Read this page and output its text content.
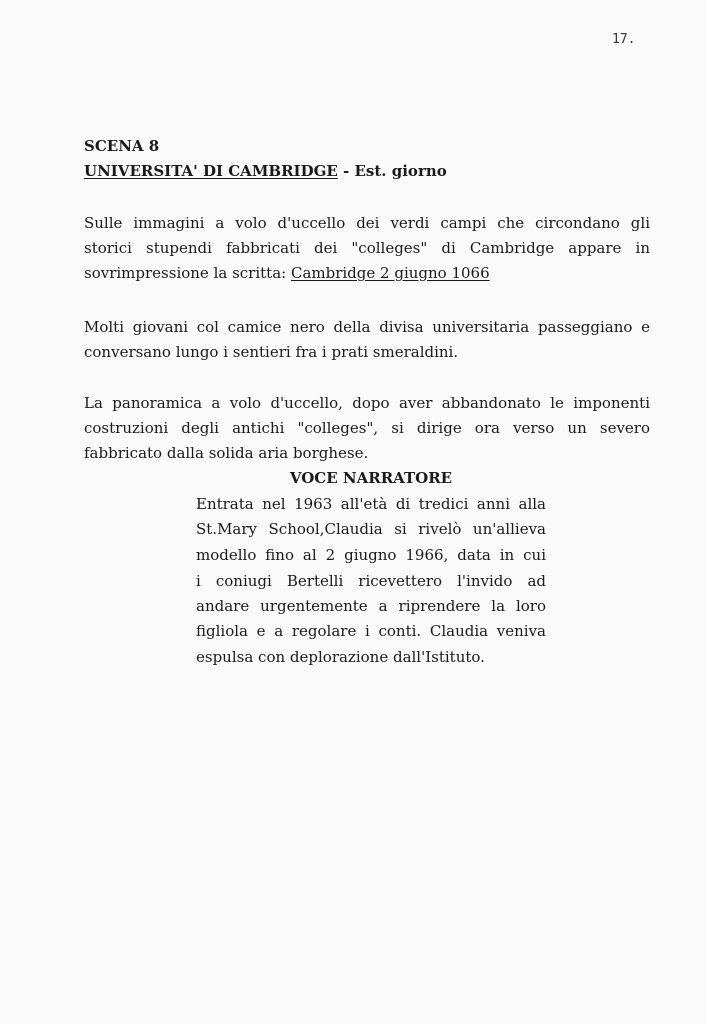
17.
SCENA 8
UNIVERSITA' DI CAMBRIDGE - Est. giorno
Sulle immagini a volo d'uccello dei verdi campi che circondano gli
storici stupendi fabbricati dei "colleges" di Cambridge appare in
sovrimpressione la scritta: Cambridge 2 giugno 1066
Molti giovani col camice nero della divisa universitaria passeggiano e
conversano lungo i sentieri fra i prati smeraldini.
La panoramica a volo d'uccello, dopo aver abbandonato le imponenti
costruzioni degli antichi "colleges", si dirige ora verso un severo
fabbricato dalla solida aria borghese.
VOCE NARRATORE
Entrata nel 1963 all'età di tredici anni alla
St.Mary School,Claudia si rivelò un'allieva
modello fino al 2 giugno 1966, data in cui
i coniugi Bertelli ricevettero l'invido ad
andare urgentemente a riprendere la loro
figliola e a regolare i conti. Claudia veniva
espulsa con deplorazione dall'Istituto.
